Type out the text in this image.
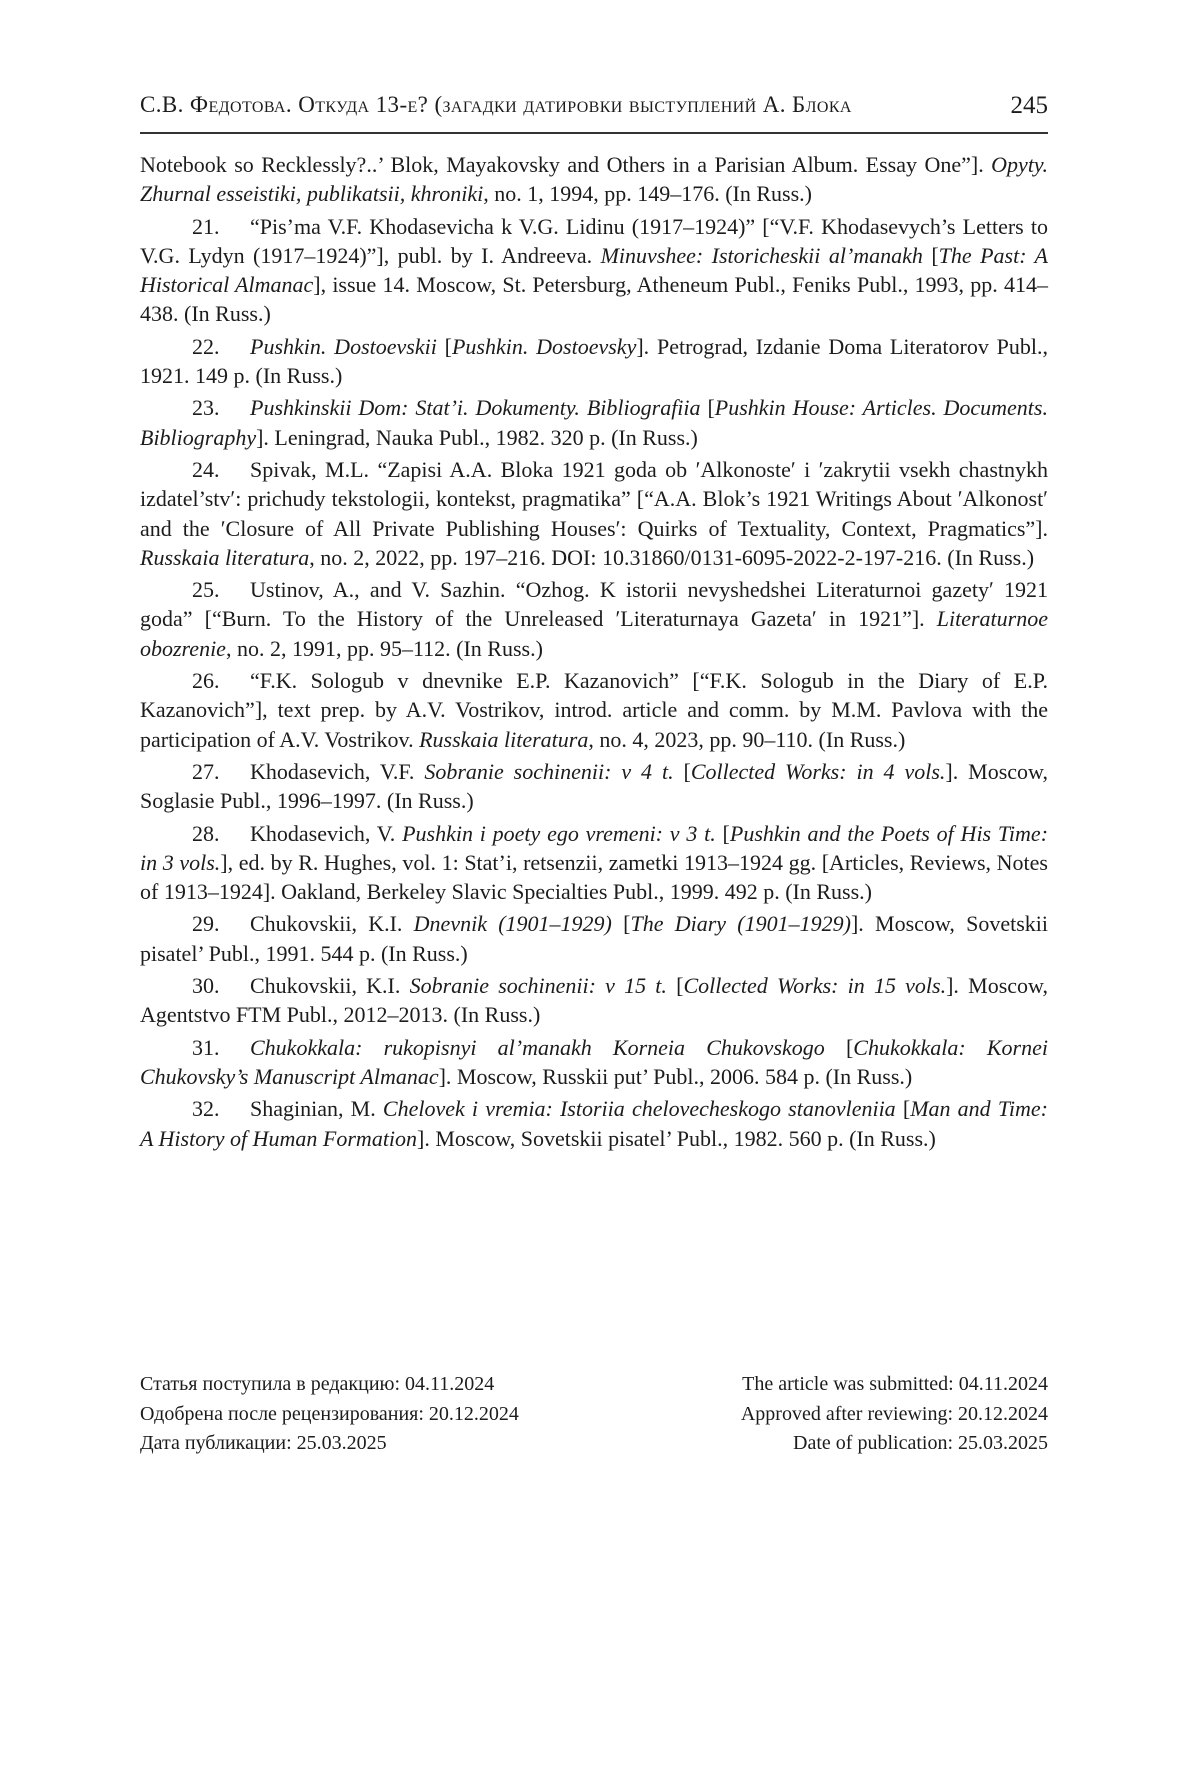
С.В. Федотова. Откуда 13-е? (загадки датировки выступлений А. Блока	245

Notebook so Recklessly?..’ Blok, Mayakovsky and Others in a Parisian Album. Essay One”]. Opyty. Zhurnal esseistiki, publikatsii, khroniki, no. 1, 1994, pp. 149–176. (In Russ.)

21. “Pis’ma V.F. Khodasevicha k V.G. Lidinu (1917–1924)” [“V.F. Khodasevych’s Letters to V.G. Lydyn (1917–1924)”], publ. by I. Andreeva. Minuvshee: Istoricheskii al’manakh [The Past: A Historical Almanac], issue 14. Moscow, St. Petersburg, Atheneum Publ., Feniks Publ., 1993, pp. 414–438. (In Russ.)

22. Pushkin. Dostoevskii [Pushkin. Dostoevsky]. Petrograd, Izdanie Doma Literatorov Publ., 1921. 149 p. (In Russ.)

23. Pushkinskii Dom: Stat’i. Dokumenty. Bibliografiia [Pushkin House: Articles. Documents. Bibliography]. Leningrad, Nauka Publ., 1982. 320 p. (In Russ.)

24. Spivak, M.L. “Zapisi A.A. Bloka 1921 goda ob ʹAlkonosteʹ i ʹzakrytii vsekh chastnykh izdatel’stvʹ: prichudy tekstologii, kontekst, pragmatika” [“A.A. Blok’s 1921 Writings About ʹAlkonostʹ and the ʹClosure of All Private Publishing Housesʹ: Quirks of Textuality, Context, Pragmatics”]. Russkaia literatura, no. 2, 2022, pp. 197–216. DOI: 10.31860/0131-6095-2022-2-197-216. (In Russ.)

25. Ustinov, A., and V. Sazhin. “Ozhog. K istorii nevyshedshei Literaturnoi gazetyʹ 1921 goda” [“Burn. To the History of the Unreleased ʹLiteraturnaya Gazetaʹ in 1921”]. Literaturnoe obozrenie, no. 2, 1991, pp. 95–112. (In Russ.)

26. “F.K. Sologub v dnevnike E.P. Kazanovich” [“F.K. Sologub in the Diary of E.P. Kazanovich”], text prep. by A.V. Vostrikov, introd. article and comm. by M.M. Pavlova with the participation of A.V. Vostrikov. Russkaia literatura, no. 4, 2023, pp. 90–110. (In Russ.)

27. Khodasevich, V.F. Sobranie sochinenii: v 4 t. [Collected Works: in 4 vols.]. Moscow, Soglasie Publ., 1996–1997. (In Russ.)

28. Khodasevich, V. Pushkin i poety ego vremeni: v 3 t. [Pushkin and the Poets of His Time: in 3 vols.], ed. by R. Hughes, vol. 1: Stat’i, retsenzii, zametki 1913–1924 gg. [Articles, Reviews, Notes of 1913–1924]. Oakland, Berkeley Slavic Specialties Publ., 1999. 492 p. (In Russ.)

29. Chukovskii, K.I. Dnevnik (1901–1929) [The Diary (1901–1929)]. Moscow, Sovetskii pisatel’ Publ., 1991. 544 p. (In Russ.)

30. Chukovskii, K.I. Sobranie sochinenii: v 15 t. [Collected Works: in 15 vols.]. Moscow, Agentstvo FTM Publ., 2012–2013. (In Russ.)

31. Chukokkala: rukopisnyi al’manakh Korneia Chukovskogo [Chukokkala: Kornei Chukovsky’s Manuscript Almanac]. Moscow, Russkii put’ Publ., 2006. 584 p. (In Russ.)

32. Shaginian, M. Chelovek i vremia: Istoriia chelovecheskogo stanovleniia [Man and Time: A History of Human Formation]. Moscow, Sovetskii pisatel’ Publ., 1982. 560 p. (In Russ.)

Статья поступила в редакцию: 04.11.2024	The article was submitted: 04.11.2024
Одобрена после рецензирования: 20.12.2024	Approved after reviewing: 20.12.2024
Дата публикации: 25.03.2025	Date of publication: 25.03.2025
